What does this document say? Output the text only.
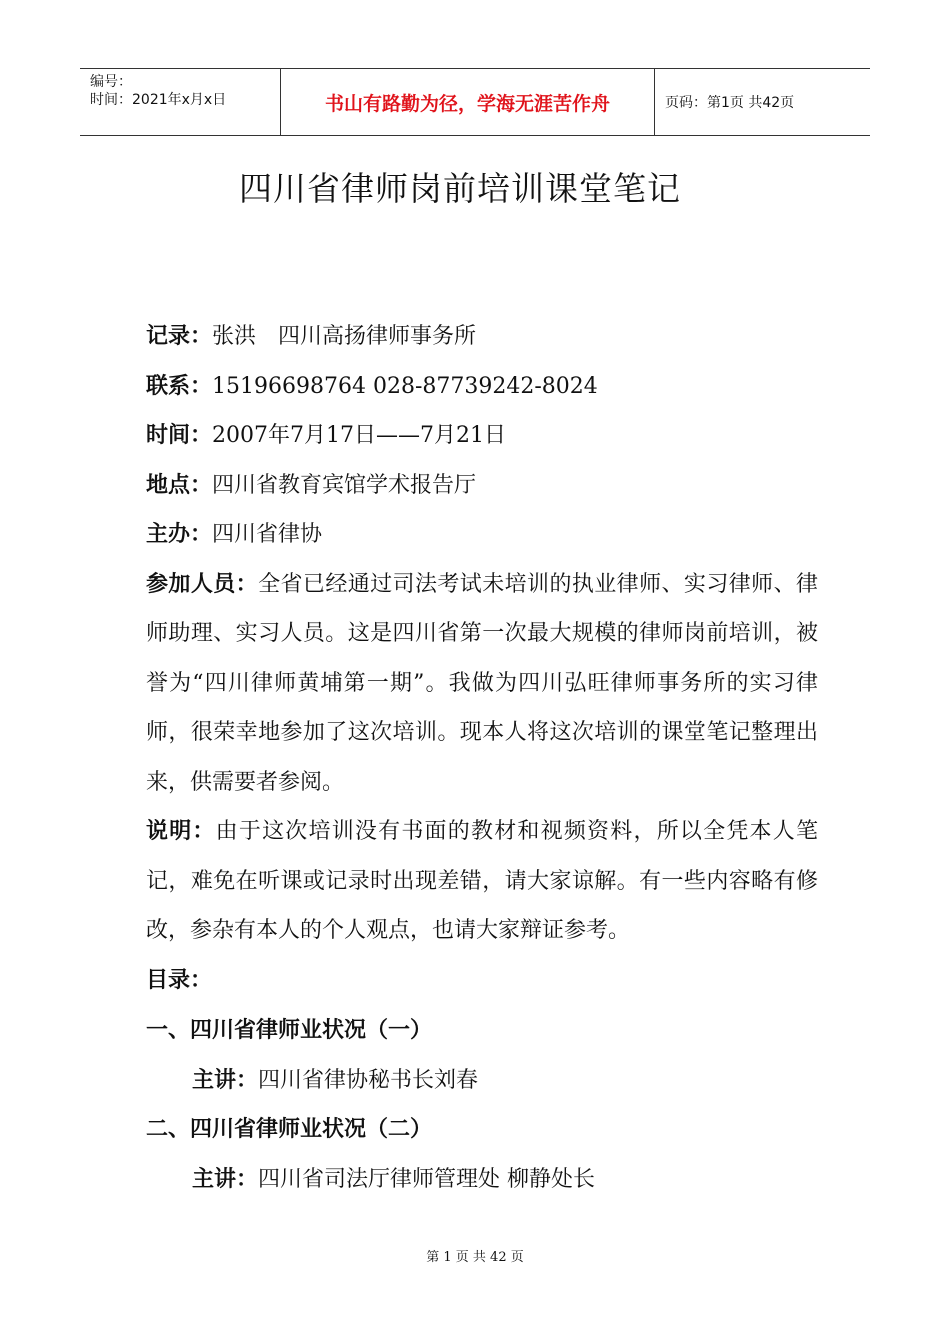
编号：
时间：2021年x月x日	书山有路勤为径，学海无涯苦作舟	页码：第1页 共42页
四川省律师岗前培训课堂笔记

记录：张洪　四川高扬律师事务所

联系：15196698764 028-87739242-8024

时间：2007年7月17日——7月21日

地点：四川省教育宾馆学术报告厅

主办：四川省律协

参加人员：全省已经通过司法考试未培训的执业律师、实习律师、律师助理、实习人员。这是四川省第一次最大规模的律师岗前培训，被誉为“四川律师黄埔第一期”。我做为四川弘旺律师事务所的实习律师，很荣幸地参加了这次培训。现本人将这次培训的课堂笔记整理出来，供需要者参阅。

说明：由于这次培训没有书面的教材和视频资料，所以全凭本人笔记，难免在听课或记录时出现差错，请大家谅解。有一些内容略有修改，参杂有本人的个人观点，也请大家辩证参考。

目录：

一、四川省律师业状况（一）

主讲：四川省律协秘书长刘春

二、四川省律师业状况（二）

主讲：四川省司法厅律师管理处 柳静处长

第 1 页 共 42 页
